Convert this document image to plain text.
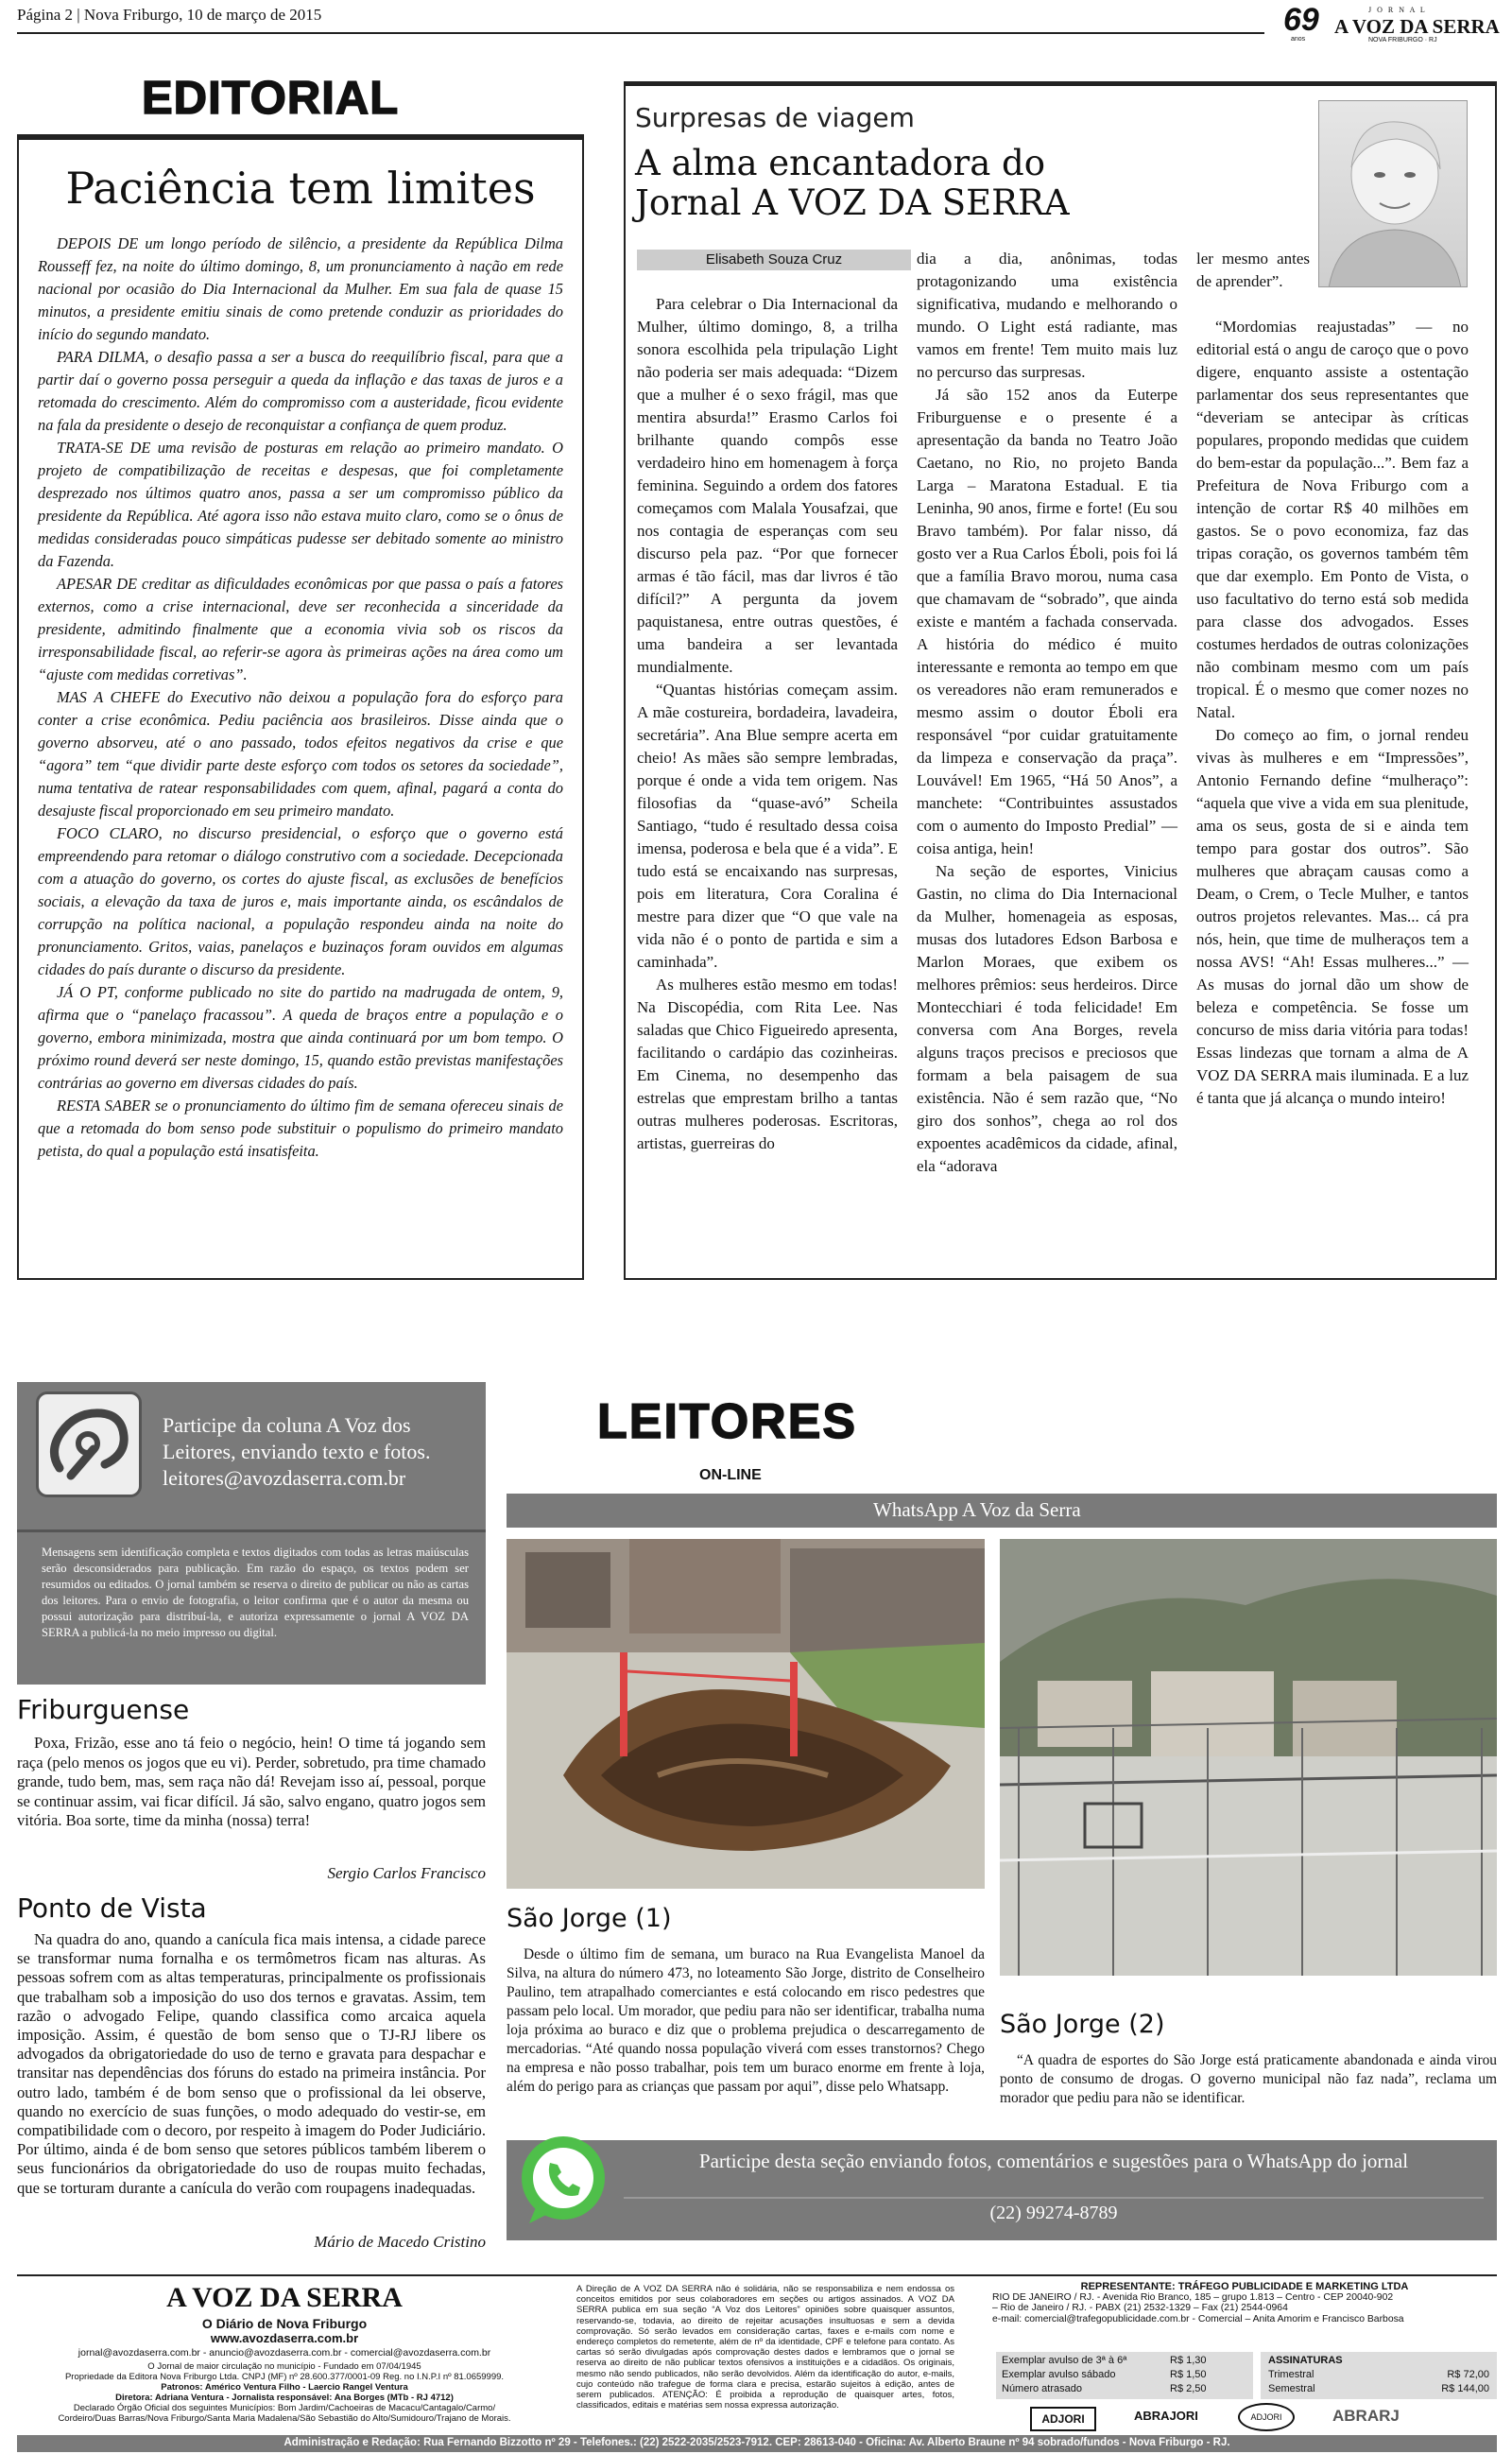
Página 2 | Nova Friburgo, 10 de março de 2015	69
anos
J O R N A L
A VOZ DA SERRA
NOVA FRIBURGO · RJ
EDITORIAL
Paciência tem limites

DEPOIS DE um longo período de silêncio, a presidente da República Dilma Rousseff fez, na noite do último domingo, 8, um pronunciamento à nação em rede nacional por ocasião do Dia Internacional da Mulher. Em sua fala de quase 15 minutos, a presidente emitiu sinais de como pretende conduzir as prioridades do início do segundo mandato.

PARA DILMA, o desafio passa a ser a busca do reequilíbrio fiscal, para que a partir daí o governo possa perseguir a queda da inflação e das taxas de juros e a retomada do crescimento. Além do compromisso com a austeridade, ficou evidente na fala da presidente o desejo de reconquistar a confiança de quem produz.

TRATA-SE DE uma revisão de posturas em relação ao primeiro mandato. O projeto de compatibilização de receitas e despesas, que foi completamente desprezado nos últimos quatro anos, passa a ser um compromisso público da presidente da República. Até agora isso não estava muito claro, como se o ônus de medidas consideradas pouco simpáticas pudesse ser debitado somente ao ministro da Fazenda.

APESAR DE creditar as dificuldades econômicas por que passa o país a fatores externos, como a crise internacional, deve ser reconhecida a sinceridade da presidente, admitindo finalmente que a economia vivia sob os riscos da irresponsabilidade fiscal, ao referir-se agora às primeiras ações na área como um “ajuste com medidas corretivas”.

MAS A CHEFE do Executivo não deixou a população fora do esforço para conter a crise econômica. Pediu paciência aos brasileiros. Disse ainda que o governo absorveu, até o ano passado, todos efeitos negativos da crise e que “agora” tem “que dividir parte deste esforço com todos os setores da sociedade”, numa tentativa de ratear responsabilidades com quem, afinal, pagará a conta do desajuste fiscal proporcionado em seu primeiro mandato.

FOCO CLARO, no discurso presidencial, o esforço que o governo está empreendendo para retomar o diálogo construtivo com a sociedade. Decepcionada com a atuação do governo, os cortes do ajuste fiscal, as exclusões de benefícios sociais, a elevação da taxa de juros e, mais importante ainda, os escândalos de corrupção na política nacional, a população respondeu ainda na noite do pronunciamento. Gritos, vaias, panelaços e buzinaços foram ouvidos em algumas cidades do país durante o discurso da presidente.

JÁ O PT, conforme publicado no site do partido na madrugada de ontem, 9, afirma que o “panelaço fracassou”. A queda de braços entre a população e o governo, embora minimizada, mostra que ainda continuará por um bom tempo. O próximo round deverá ser neste domingo, 15, quando estão previstas manifestações contrárias ao governo em diversas cidades do país.

RESTA SABER se o pronunciamento do último fim de semana ofereceu sinais de que a retomada do bom senso pode substituir o populismo do primeiro mandato petista, do qual a população está insatisfeita.

Surpresas de viagem
A alma encantadora do
Jornal A VOZ DA SERRA
Elisabeth Souza Cruz

Para celebrar o Dia Internacional da Mulher, último domingo, 8, a trilha sonora escolhida pela tripulação Light não poderia ser mais adequada: “Dizem que a mulher é o sexo frágil, mas que mentira absurda!” Erasmo Carlos foi brilhante quando compôs esse verdadeiro hino em homenagem à força feminina. Seguindo a ordem dos fatores começamos com Malala Yousafzai, que nos contagia de esperanças com seu discurso pela paz. “Por que fornecer armas é tão fácil, mas dar livros é tão difícil?” A pergunta da jovem paquistanesa, entre outras questões, é uma bandeira a ser levantada mundialmente.

“Quantas histórias começam assim. A mãe costureira, bordadeira, lavadeira, secretária”. Ana Blue sempre acerta em cheio! As mães são sempre lembradas, porque é onde a vida tem origem. Nas filosofias da “quase-avó” Scheila Santiago, “tudo é resultado dessa coisa imensa, poderosa e bela que é a vida”. E tudo está se encaixando nas surpresas, pois em literatura, Cora Coralina é mestre para dizer que “O que vale na vida não é o ponto de partida e sim a caminhada”.

As mulheres estão mesmo em todas! Na Discopédia, com Rita Lee. Nas saladas que Chico Figueiredo apresenta, facilitando o cardápio das cozinheiras. Em Cinema, no desempenho das estrelas que emprestam brilho a tantas outras mulheres poderosas. Escritoras, artistas, guerreiras do

dia a dia, anônimas, todas protagonizando uma existência significativa, mudando e melhorando o mundo. O Light está radiante, mas vamos em frente! Tem muito mais luz no percurso das surpresas.

Já são 152 anos da Euterpe Friburguense e o presente é a apresentação da banda no Teatro João Caetano, no Rio, no projeto Banda Larga – Maratona Estadual. E tia Leninha, 90 anos, firme e forte! (Eu sou Bravo também). Por falar nisso, dá gosto ver a Rua Carlos Éboli, pois foi lá que a família Bravo morou, numa casa que chamavam de “sobrado”, que ainda existe e mantém a fachada conservada. A história do médico é muito interessante e remonta ao tempo em que os vereadores não eram remunerados e mesmo assim o doutor Éboli era responsável “por cuidar gratuitamente da limpeza e conservação da praça”. Louvável! Em 1965, “Há 50 Anos”, a manchete: “Contribuintes assustados com o aumento do Imposto Predial” — coisa antiga, hein!

Na seção de esportes, Vinicius Gastin, no clima do Dia Internacional da Mulher, homenageia as esposas, musas dos lutadores Edson Barbosa e Marlon Moraes, que exibem os melhores prêmios: seus herdeiros. Dirce Montecchiari é toda felicidade! Em conversa com Ana Borges, revela alguns traços precisos e preciosos que formam a bela paisagem de sua existência. Não é sem razão que, “No giro dos sonhos”, chega ao rol dos expoentes acadêmicos da cidade, afinal, ela “adorava

ler mesmo antes de aprender”.

“Mordomias reajustadas” — no editorial está o angu de caroço que o povo digere, enquanto assiste a ostentação parlamentar dos seus representantes que “deveriam se antecipar às críticas populares, propondo medidas que cuidem do bem-estar da população...”. Bem faz a Prefeitura de Nova Friburgo com a intenção de cortar R$ 40 milhões em gastos. Se o povo economiza, faz das tripas coração, os governos também têm que dar exemplo. Em Ponto de Vista, o uso facultativo do terno está sob medida para classe dos advogados. Esses costumes herdados de outras colonizações não combinam mesmo com um país tropical. É o mesmo que comer nozes no Natal.

Do começo ao fim, o jornal rendeu vivas às mulheres e em “Impressões”, Antonio Fernando define “mulheraço”: “aquela que vive a vida em sua plenitude, ama os seus, gosta de si e ainda tem tempo para gostar dos outros”. São mulheres que abraçam causas como a Deam, o Crem, o Tecle Mulher, e tantos outros projetos relevantes. Mas... cá pra nós, hein, que time de mulheraços tem a nossa AVS! “Ah! Essas mulheres...” — As musas do jornal dão um show de beleza e competência. Se fosse um concurso de miss daria vitória para todas! Essas lindezas que tornam a alma de A VOZ DA SERRA mais iluminada. E a luz é tanta que já alcança o mundo inteiro!

Participe da coluna A Voz dos Leitores, enviando texto e fotos. leitores@avozdaserra.com.br
Mensagens sem identificação completa e textos digitados com todas as letras maiúsculas serão desconsiderados para publicação. Em razão do espaço, os textos podem ser resumidos ou editados. O jornal também se reserva o direito de publicar ou não as cartas dos leitores. Para o envio de fotografia, o leitor confirma que é o autor da mesma ou possui autorização para distribuí-la, e autoriza expressamente o jornal A VOZ DA SERRA a publicá-la no meio impresso ou digital.
Friburguense
Poxa, Frizão, esse ano tá feio o negócio, hein! O time tá jogando sem raça (pelo menos os jogos que eu vi). Perder, sobretudo, pra time chamado grande, tudo bem, mas, sem raça não dá! Revejam isso aí, pessoal, porque se continuar assim, vai ficar difícil. Já são, salvo engano, quatro jogos sem vitória. Boa sorte, time da minha (nossa) terra!
Sergio Carlos Francisco
Ponto de Vista
Na quadra do ano, quando a canícula fica mais intensa, a cidade parece se transformar numa fornalha e os termômetros ficam nas alturas. As pessoas sofrem com as altas temperaturas, principalmente os profissionais que trabalham sob a imposição do uso dos ternos e gravatas. Assim, tem razão o advogado Felipe, quando classifica como arcaica aquela imposição. Assim, é questão de bom senso que o TJ-RJ libere os advogados da obrigatoriedade do uso de terno e gravata para despachar e transitar nas dependências dos fóruns do estado na primeira instância. Por outro lado, também é de bom senso que o profissional da lei observe, quando no exercício de suas funções, o modo adequado do vestir-se, em compatibilidade com o decoro, por respeito à imagem do Poder Judiciário. Por último, ainda é de bom senso que setores públicos também liberem o seus funcionários da obrigatoriedade do uso de roupas muito fechadas, que se torturam durante a canícula do verão com roupagens inadequadas.
Mário de Macedo Cristino
LEITORES
ON-LINE
WhatsApp A Voz da Serra
São Jorge (1)
Desde o último fim de semana, um buraco na Rua Evangelista Manoel da Silva, na altura do número 473, no loteamento São Jorge, distrito de Conselheiro Paulino, tem atrapalhado comerciantes e está colocando em risco pedestres que passam pelo local. Um morador, que pediu para não ser identificar, trabalha numa loja próxima ao buraco e diz que o problema prejudica o descarregamento de mercadorias. “Até quando nossa população viverá com esses transtornos? Chego na empresa e não posso trabalhar, pois tem um buraco enorme em frente à loja, além do perigo para as crianças que passam por aqui”, disse pelo Whatsapp.
São Jorge (2)
“A quadra de esportes do São Jorge está praticamente abandonada e ainda virou ponto de consumo de drogas. O governo municipal não faz nada”, reclama um morador que pediu para não se identificar.
Participe desta seção enviando fotos, comentários e sugestões para o WhatsApp do jornal
(22) 99274-8789
A VOZ DA SERRA
O Diário de Nova Friburgo
www.avozdaserra.com.br
jornal@avozdaserra.com.br - anuncio@avozdaserra.com.br - comercial@avozdaserra.com.br
O Jornal de maior circulação no município - Fundado em 07/04/1945
Propriedade da Editora Nova Friburgo Ltda. CNPJ (MF) nº 28.600.377/0001-09 Reg. no I.N.P.I nº 81.0659999.
Patronos: Américo Ventura Filho - Laercio Rangel Ventura
Diretora: Adriana Ventura - Jornalista responsável: Ana Borges (MTb - RJ 4712)
Declarado Órgão Oficial dos seguintes Municípios: Bom Jardim/Cachoeiras de Macacu/Cantagalo/Carmo/
Cordeiro/Duas Barras/Nova Friburgo/Santa Maria Madalena/São Sebastião do Alto/Sumidouro/Trajano de Morais.
A Direção de A VOZ DA SERRA não é solidária, não se responsabiliza e nem endossa os conceitos emitidos por seus colaboradores em seções ou artigos assinados. A VOZ DA SERRA publica em sua seção “A Voz dos Leitores” opiniões sobre quaisquer assuntos, reservando-se, todavia, ao direito de rejeitar acusações insultuosas e sem a devida comprovação. Só serão levados em consideração cartas, faxes e e-mails com nome e endereço completos do remetente, além de nº da identidade, CPF e telefone para contato. As cartas só serão divulgadas após comprovação destes dados e lembramos que o jornal se reserva ao direito de não publicar textos ofensivos a instituições e a cidadãos. Os originais, mesmo não sendo publicados, não serão devolvidos. Além da identificação do autor, e-mails, cujo conteúdo não trafegue de forma clara e precisa, estarão sujeitos à edição, antes de serem publicados. ATENÇÃO: É proibida a reprodução de quaisquer artes, fotos, classificados, editais e matérias sem nossa expressa autorização.
REPRESENTANTE: TRÁFEGO PUBLICIDADE E MARKETING LTDA
RIO DE JANEIRO / RJ. - Avenida Rio Branco, 185 – grupo 1.813 – Centro - CEP 20040-902
– Rio de Janeiro / RJ. - PABX (21) 2532-1329 – Fax (21) 2544-0964
e-mail: comercial@trafegopublicidade.com.br - Comercial – Anita Amorim e Francisco Barbosa
Exemplar avulso de 3ª à 6ª	R$ 1,30
Exemplar avulso sábado	R$ 1,50
Número atrasado	R$ 2,50
ASSINATURAS
Trimestral	R$ 72,00
Semestral	R$ 144,00
ADJORI	ABRAJORI	ADJORI	ABRARJ
Administração e Redação: Rua Fernando Bizzotto nº 29 - Telefones.: (22) 2522-2035/2523-7912. CEP: 28613-040 - Oficina: Av. Alberto Braune nº 94 sobrado/fundos - Nova Friburgo - RJ.
